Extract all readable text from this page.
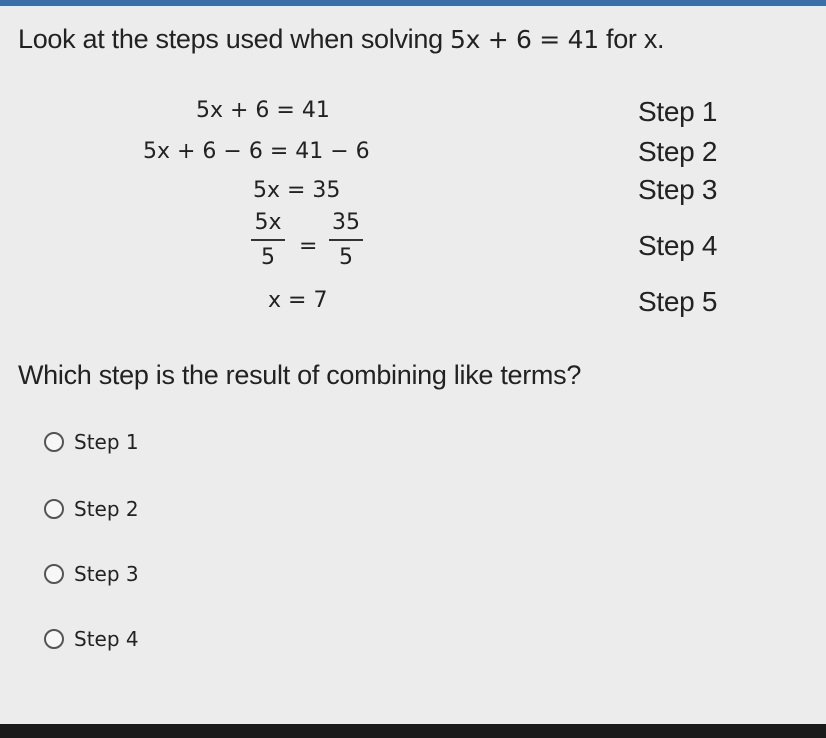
Look at the steps used when solving 5x + 6 = 41 for x.
5x + 6 = 41
5x + 6 − 6 = 41 − 6
5x = 35
5x
5	=
35
5
x = 7
Step 1
Step 2
Step 3
Step 4
Step 5
Which step is the result of combining like terms?
Step 1
Step 2
Step 3
Step 4
